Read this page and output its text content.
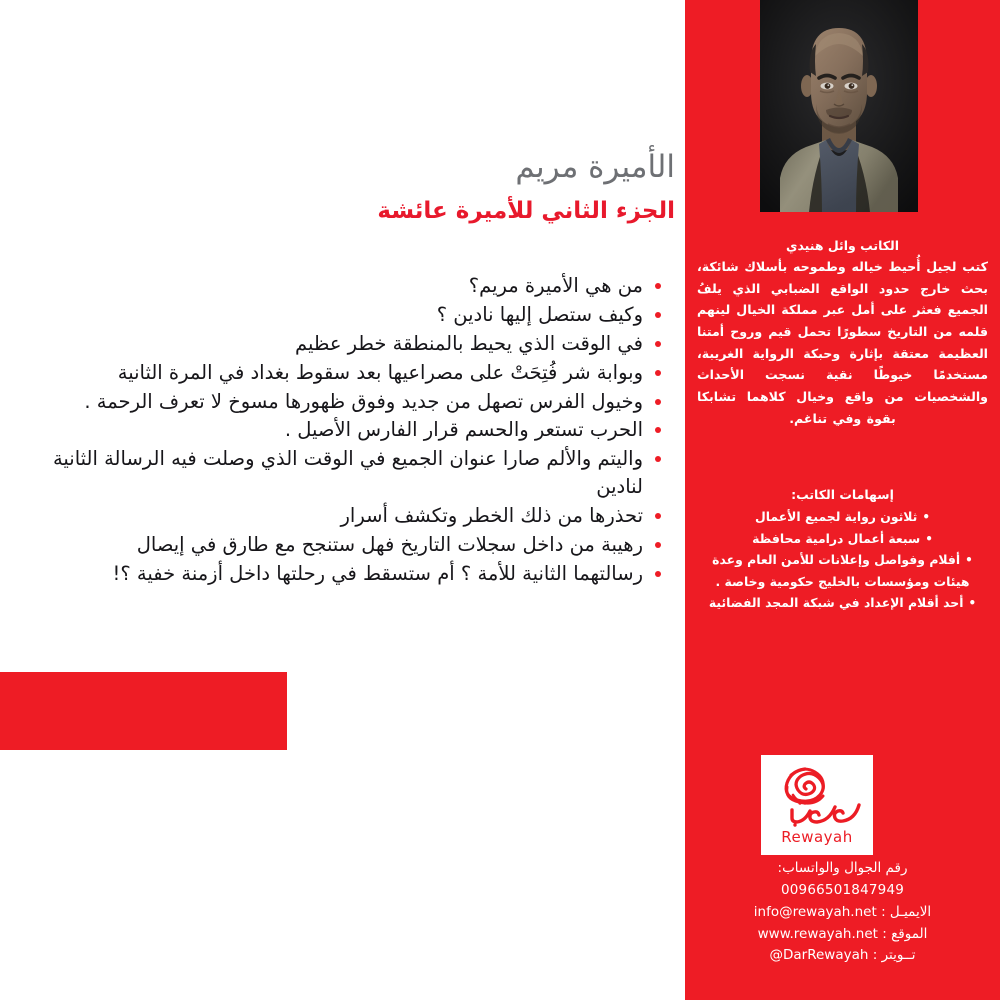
الأميرة مريم
الجزء الثاني للأميرة عائشة
من هي الأميرة مريم؟
وكيف ستصل إليها نادين ؟
في الوقت الذي يحيط بالمنطقة خطر عظيم
وبوابة شر فُتِحَتْ على مصراعيها بعد سقوط بغداد في المرة الثانية
وخيول الفرس تصهل من جديد وفوق ظهورها مسوخ لا تعرف الرحمة .
الحرب تستعر والحسم قرار الفارس الأصيل .
واليتم والألم صارا عنوان الجميع في الوقت الذي وصلت فيه الرسالة الثانية لنادين
تحذرها من ذلك الخطر وتكشف أسرار
رهيبة من داخل سجلات التاريخ فهل ستنجح مع طارق في إيصال
رسالتهما الثانية للأمة ؟ أم ستسقط في رحلتها داخل أزمنة خفية ؟!
الكاتب وائل هنيدي
كتب لجيل أُحيط خياله وطموحه بأسلاك شائكة، بحث خارج حدود الواقع الضبابي الذي يلفُ الجميع فعثر على أمل عبر مملكة الخيال لينهم قلمه من التاريخ سطورًا تحمل قيم وروح أمتنا العظيمة معتقة بإثارة وحبكة الرواية الغريبة، مستخدمًا خيوطًا نقية نسجت الأحداث والشخصيات من واقع وخيال كلاهما تشابكا بقوة وفي تناغم.
إسهامات الكاتب:
• ثلاثون رواية لجميع الأعمال
• سبعة أعمال درامية محافظة
• أفلام وفواصل وإعلانات للأمن العام وعدة هيئات ومؤسسات بالخليج حكومية وخاصة .
• أحد أقلام الإعداد في شبكة المجد الفضائية
Rewayah
رقم الجوال والواتساب:
00966501847949
الايميـل : info@rewayah.net
الموقع : www.rewayah.net
تــويتر : @DarRewayah
